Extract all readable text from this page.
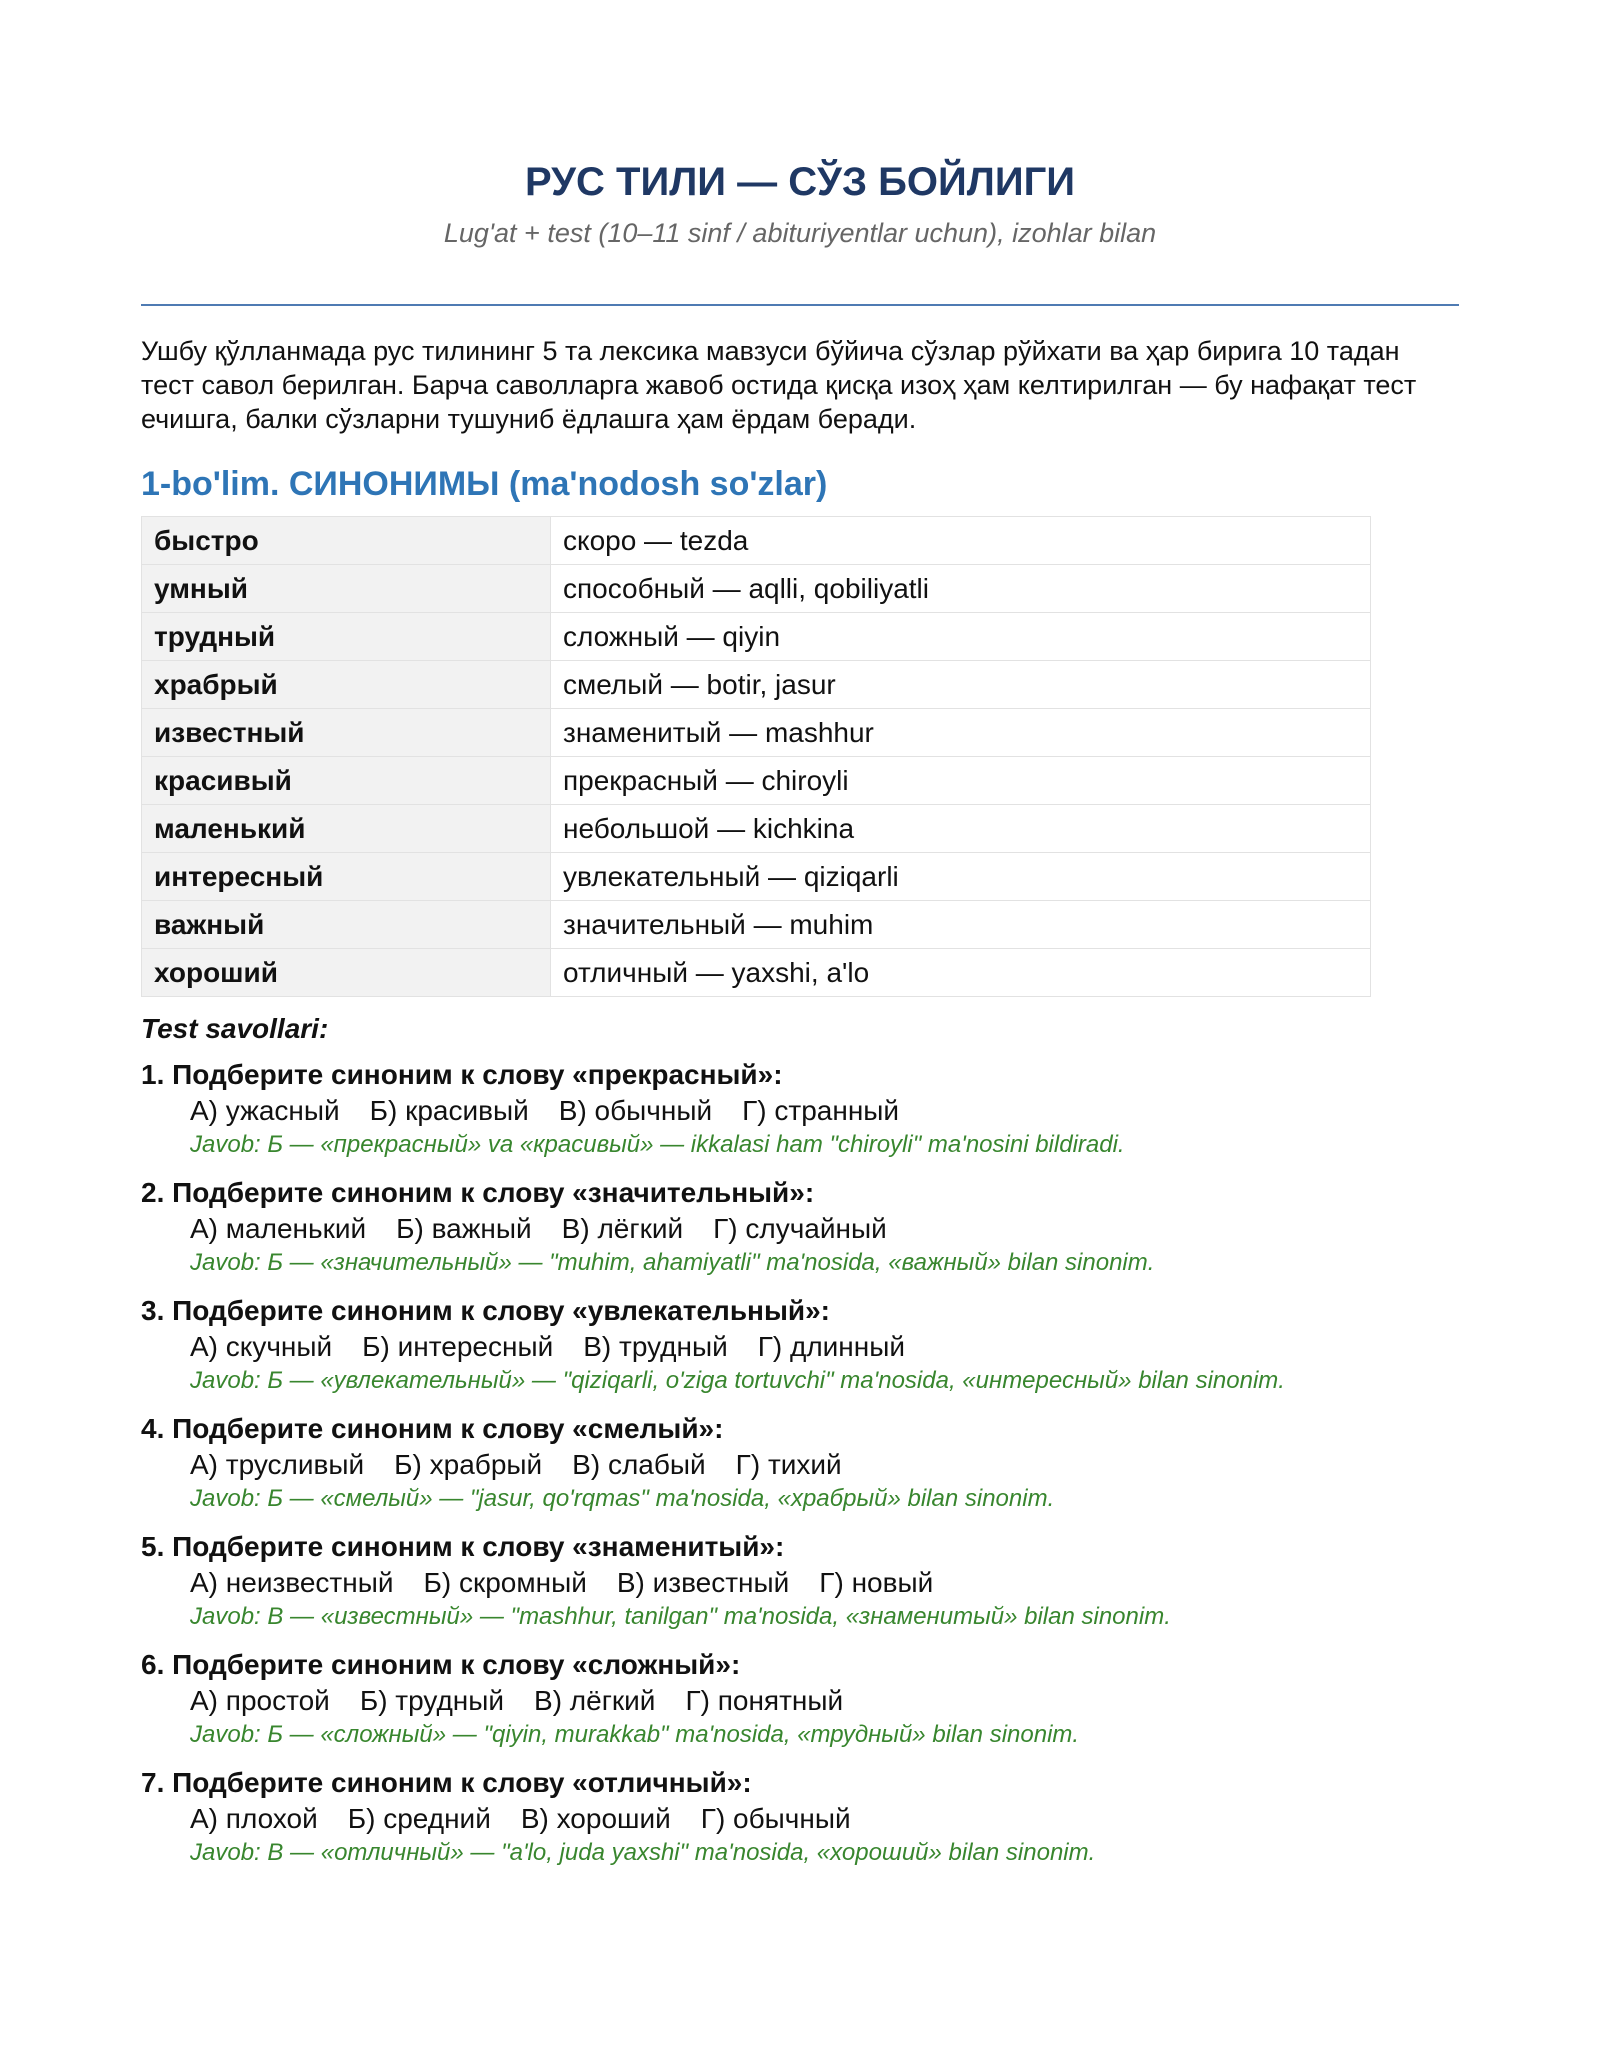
РУС ТИЛИ — СЎЗ БОЙЛИГИ
Lug'at + test (10–11 sinf / abituriyentlar uchun), izohlar bilan

Ушбу қўлланмада рус тилининг 5 та лексика мавзуси бўйича сўзлар рўйхати ва ҳар бирига 10 тадан тест савол берилган. Барча саволларга жавоб остида қисқа изоҳ ҳам келтирилган — бу нафақат тест ечишга, балки сўзларни тушуниб ёдлашга ҳам ёрдам беради.

1-bo'lim. СИНОНИМЫ (ma'nodosh so'zlar)
быстро	скоро — tezda
умный	способный — aqlli, qobiliyatli
трудный	сложный — qiyin
храбрый	смелый — botir, jasur
известный	знаменитый — mashhur
красивый	прекрасный — chiroyli
маленький	небольшой — kichkina
интересный	увлекательный — qiziqarli
важный	значительный — muhim
хороший	отличный — yaxshi, a'lo
Test savollari:
1. Подберите синоним к слову «прекрасный»:
А) ужасный Б) красивый В) обычный Г) странный
Javob: Б — «прекрасный» va «красивый» — ikkalasi ham "chiroyli" ma'nosini bildiradi.
2. Подберите синоним к слову «значительный»:
А) маленький Б) важный В) лёгкий Г) случайный
Javob: Б — «значительный» — "muhim, ahamiyatli" ma'nosida, «важный» bilan sinonim.
3. Подберите синоним к слову «увлекательный»:
А) скучный Б) интересный В) трудный Г) длинный
Javob: Б — «увлекательный» — "qiziqarli, o'ziga tortuvchi" ma'nosida, «интересный» bilan sinonim.
4. Подберите синоним к слову «смелый»:
А) трусливый Б) храбрый В) слабый Г) тихий
Javob: Б — «смелый» — "jasur, qo'rqmas" ma'nosida, «храбрый» bilan sinonim.
5. Подберите синоним к слову «знаменитый»:
А) неизвестный Б) скромный В) известный Г) новый
Javob: В — «известный» — "mashhur, tanilgan" ma'nosida, «знаменитый» bilan sinonim.
6. Подберите синоним к слову «сложный»:
А) простой Б) трудный В) лёгкий Г) понятный
Javob: Б — «сложный» — "qiyin, murakkab" ma'nosida, «трудный» bilan sinonim.
7. Подберите синоним к слову «отличный»:
А) плохой Б) средний В) хороший Г) обычный
Javob: В — «отличный» — "a'lo, juda yaxshi" ma'nosida, «хороший» bilan sinonim.
